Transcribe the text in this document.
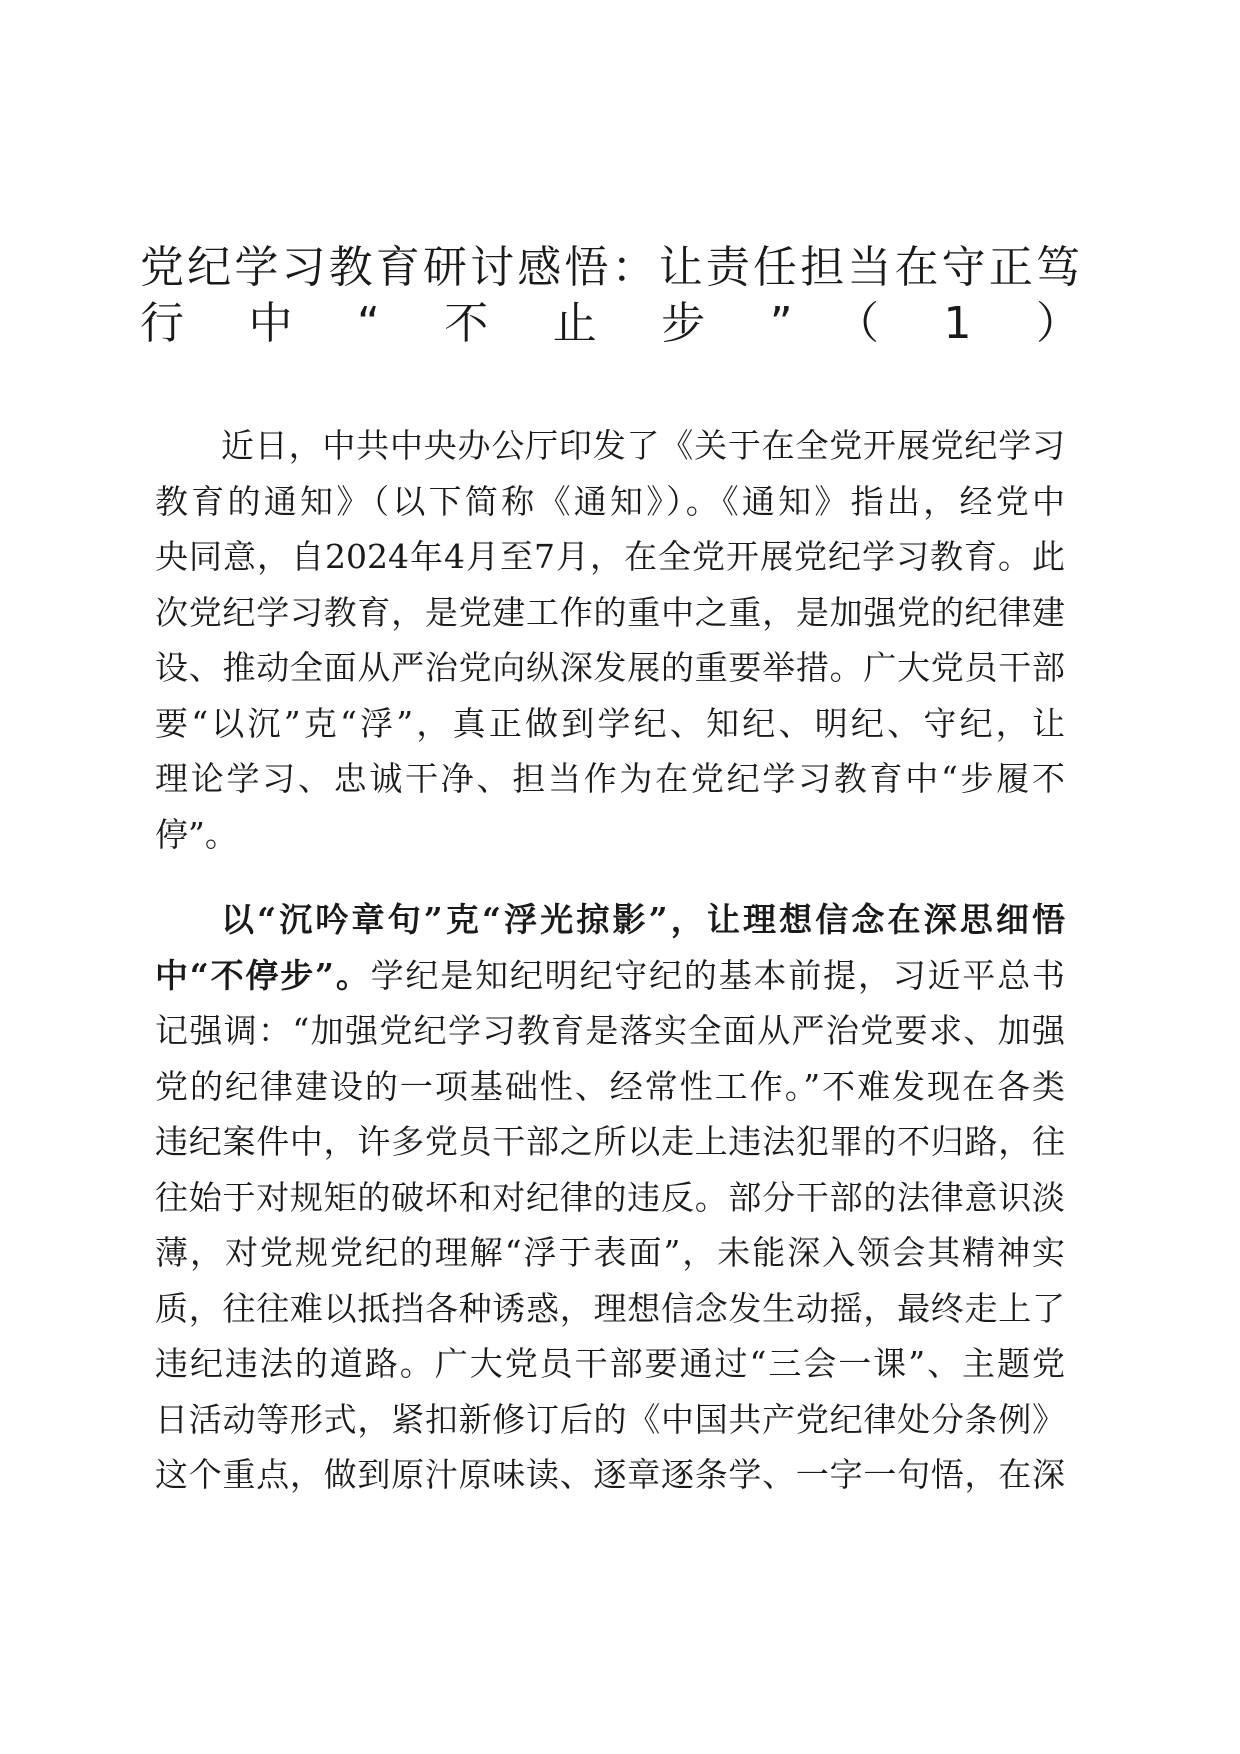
党纪学习教育研讨感悟：让责任担当在守正笃
行中“不止步”（1）
近日，中共中央办公厅印发了《关于在全党开展党纪学习
教育的通知》（以下简称《通知》）。《通知》指出，经党中
央同意，自2024年4月至7月，在全党开展党纪学习教育。此
次党纪学习教育，是党建工作的重中之重，是加强党的纪律建
设、推动全面从严治党向纵深发展的重要举措。广大党员干部
要“以沉”克“浮”，真正做到学纪、知纪、明纪、守纪，让
理论学习、忠诚干净、担当作为在党纪学习教育中“步履不
停”。
以“沉吟章句”克“浮光掠影”，让理想信念在深思细悟
中“不停步”。学纪是知纪明纪守纪的基本前提，习近平总书
记强调：“加强党纪学习教育是落实全面从严治党要求、加强
党的纪律建设的一项基础性、经常性工作。”不难发现在各类
违纪案件中，许多党员干部之所以走上违法犯罪的不归路，往
往始于对规矩的破坏和对纪律的违反。部分干部的法律意识淡
薄，对党规党纪的理解“浮于表面”，未能深入领会其精神实
质，往往难以抵挡各种诱惑，理想信念发生动摇，最终走上了
违纪违法的道路。广大党员干部要通过“三会一课”、主题党
日活动等形式，紧扣新修订后的《中国共产党纪律处分条例》
这个重点，做到原汁原味读、逐章逐条学、一字一句悟，在深
